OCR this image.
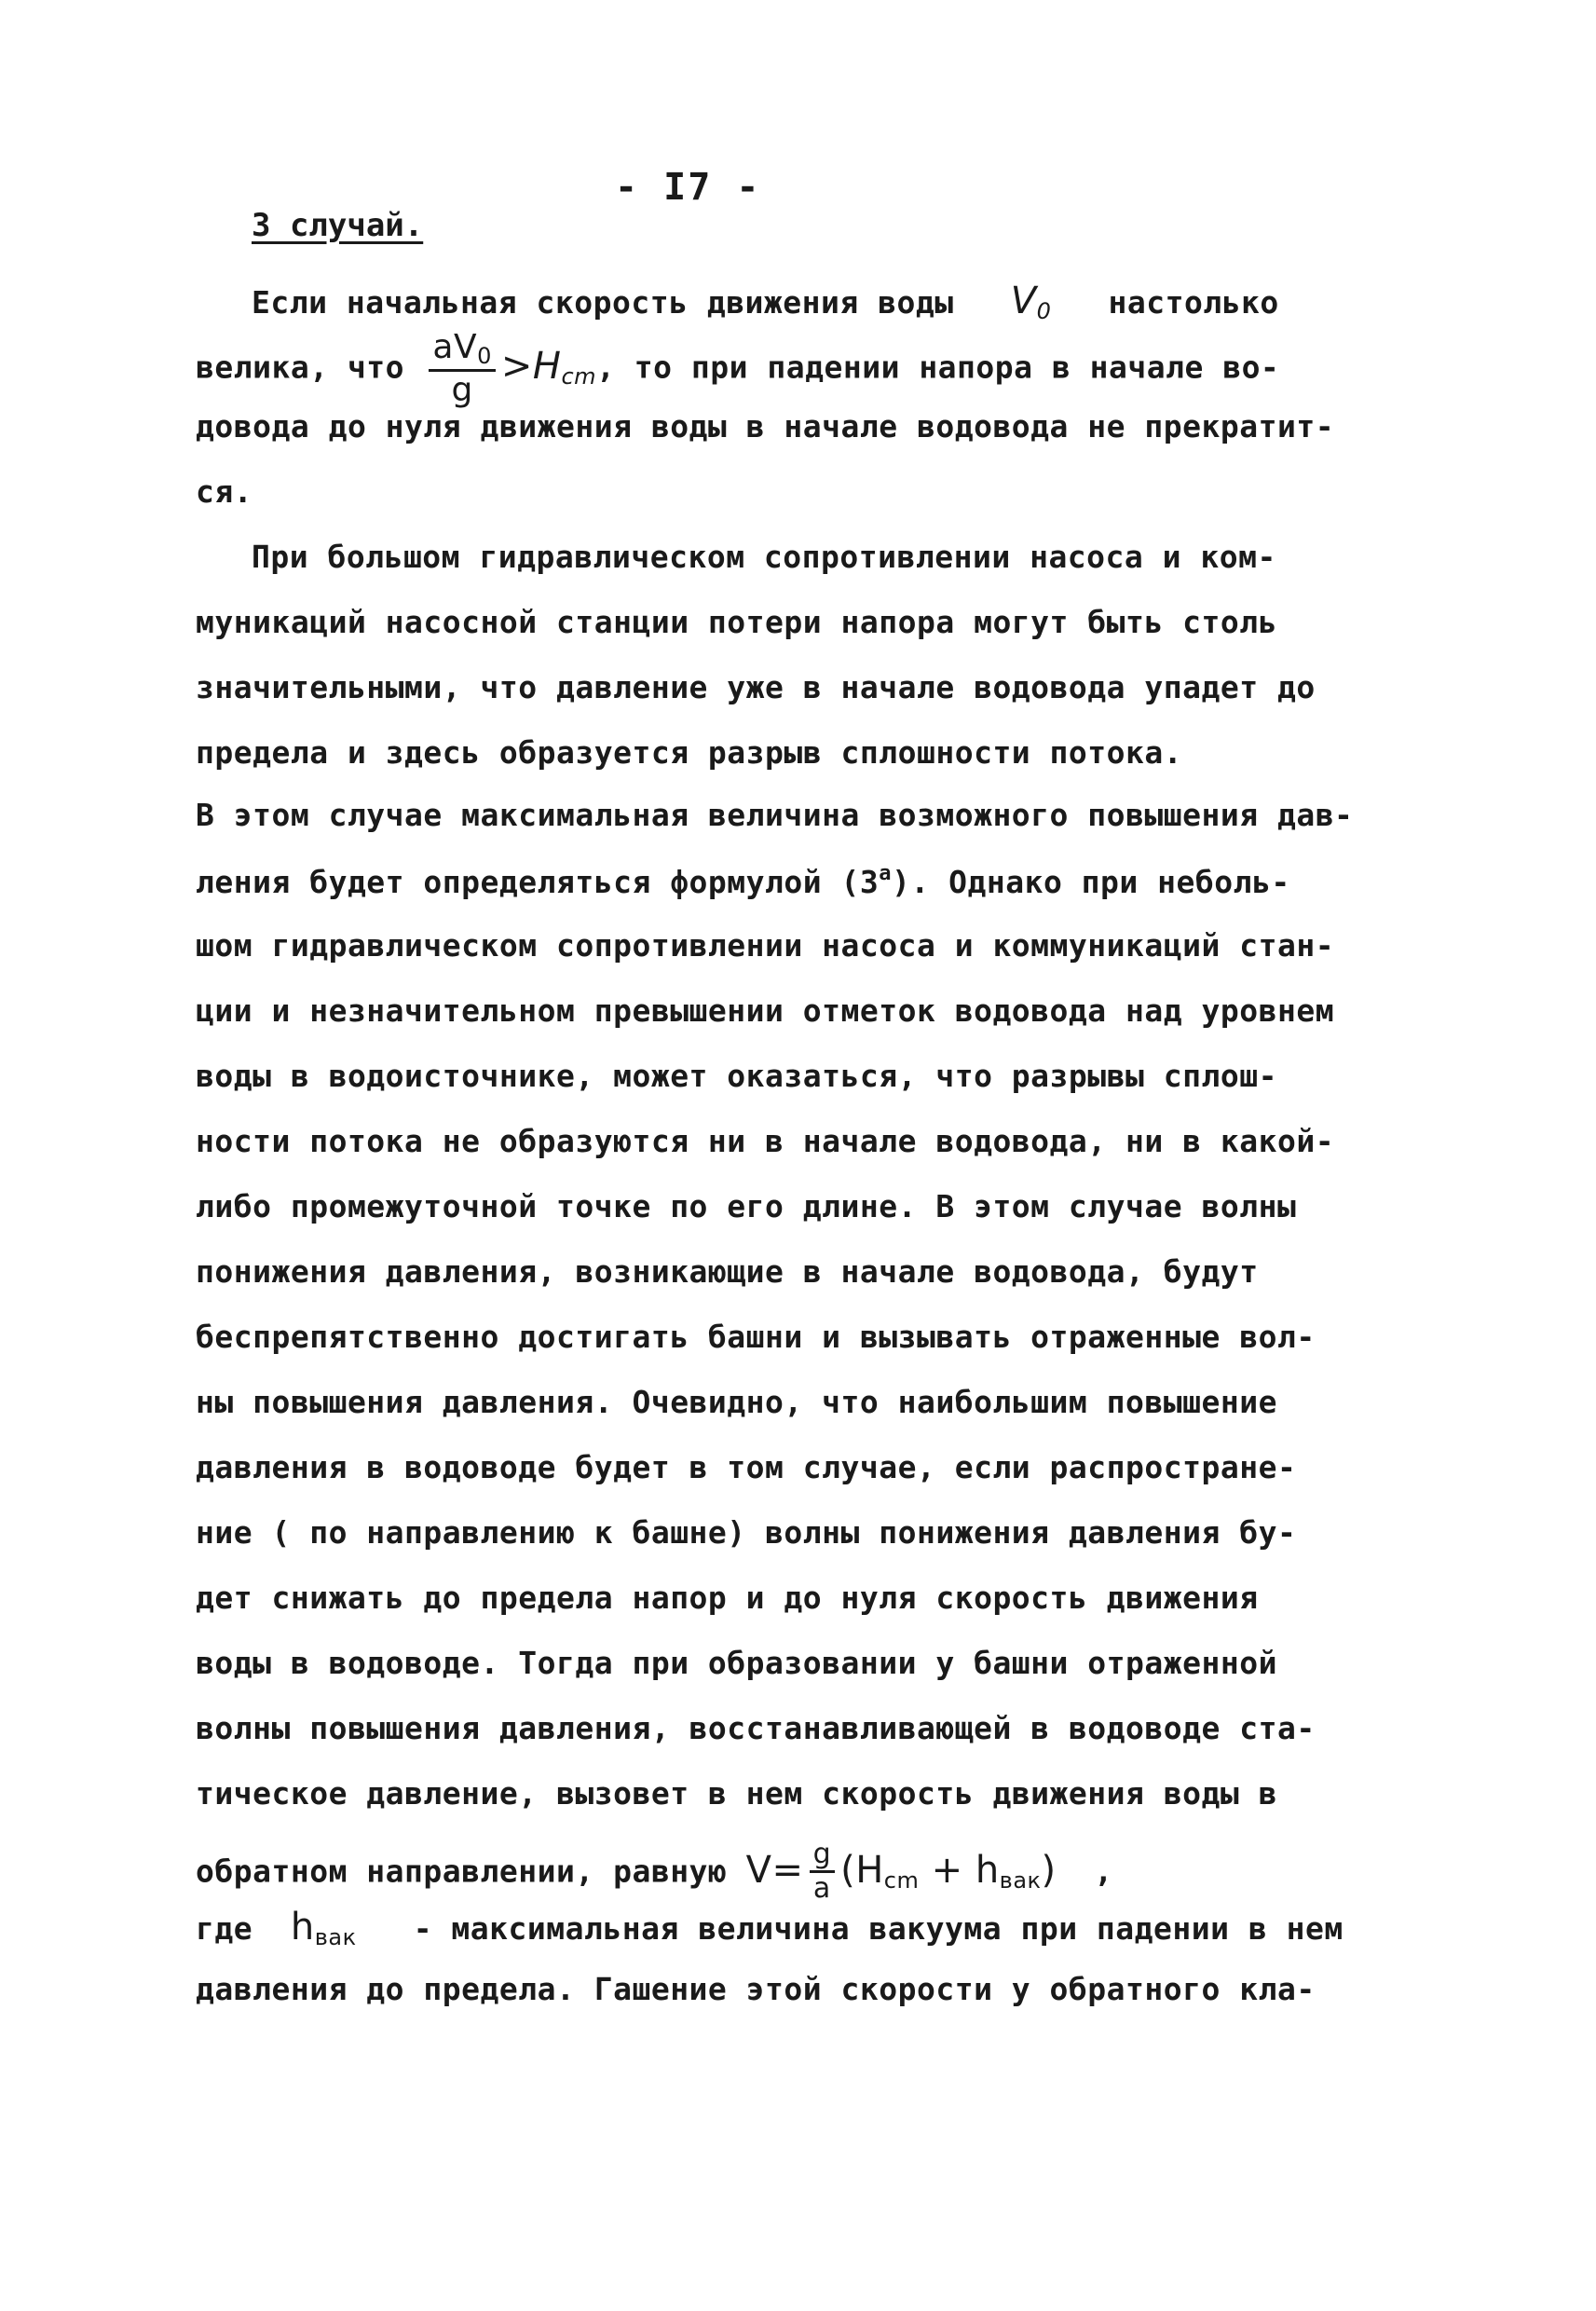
- I7 -
3 случай.
Если начальная скорость движения воды $V_0$ настолько
велика, что $\frac{aV_0}{g} >H_{cm}$, то при падении напора в начале во-
довода до нуля движения воды в начале водовода не прекратит-
ся.
При большом гидравлическом сопротивлении насоса и ком-
муникаций насосной станции потери напора могут быть столь
значительными, что давление уже в начале водовода упадет до
предела и здесь образуется разрыв сплошности потока.
В этом случае максимальная величина возможного повышения дав-
ления будет определяться формулой (3$^a$). Однако при неболь-
шом гидравлическом сопротивлении насоса и коммуникаций стан-
ции и незначительном превышении отметок водовода над уровнем
воды в водоисточнике, может оказаться, что разрывы сплош-
ности потока не образуются ни в начале водовода, ни в какой-
либо промежуточной точке по его длине. В этом случае волны
понижения давления, возникающие в начале водовода, будут
беспрепятственно достигать башни и вызывать отраженные вол-
ны повышения давления. Очевидно, что наибольшим повышение
давления в водоводе будет в том случае, если распростране-
ние ( по направлению к башне) волны понижения давления бу-
дет снижать до предела напор и до нуля скорость движения
воды в водоводе. Тогда при образовании у башни отраженной
волны повышения давления, восстанавливающей в водоводе ста-
тическое давление, вызовет в нем скорость движения воды в
обратном направлении, равную $V= \frac{g}{a} (H_{cm} + h_{вак})$ ,
где $h_{вак}$ - максимальная величина вакуума при падении в нем
давления до предела. Гашение этой скорости у обратного кла-
